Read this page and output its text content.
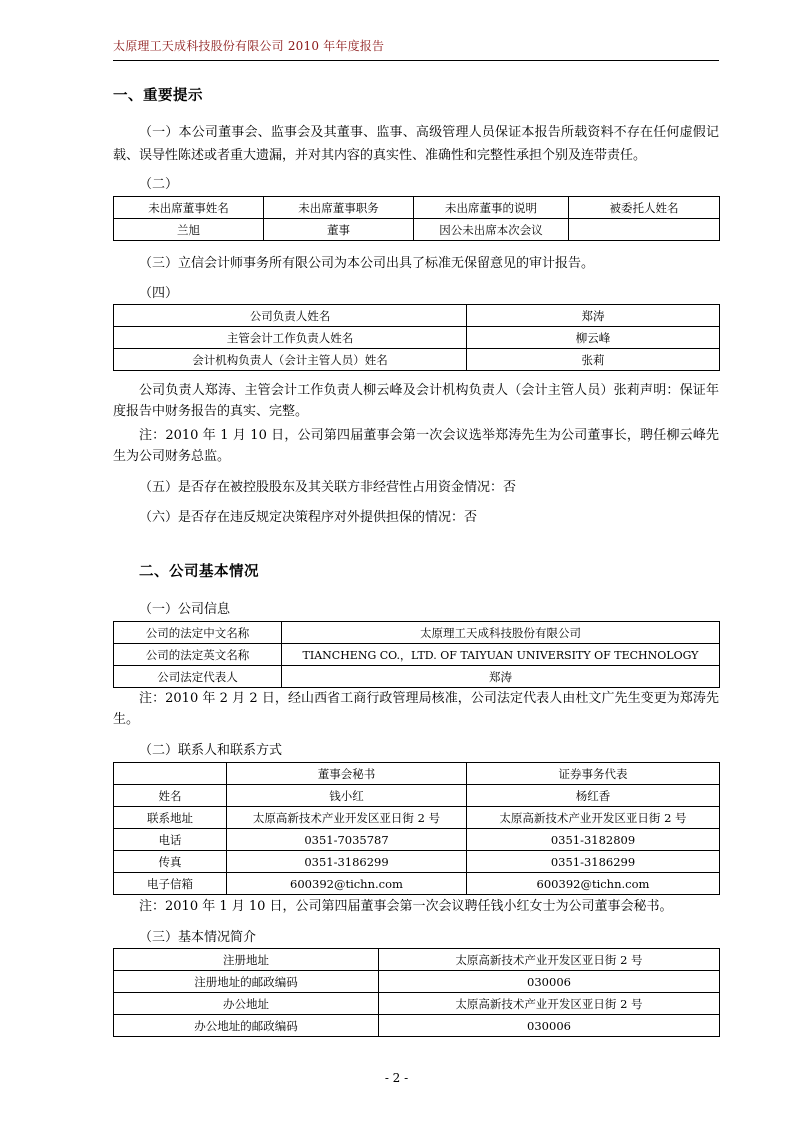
太原理工天成科技股份有限公司 2010 年年度报告
一、重要提示
（一）本公司董事会、监事会及其董事、监事、高级管理人员保证本报告所载资料不存在任何虚假记载、误导性陈述或者重大遗漏，并对其内容的真实性、准确性和完整性承担个别及连带责任。
（二）
未出席董事姓名	未出席董事职务	未出席董事的说明	被委托人姓名
兰旭	董事	因公未出席本次会议	
（三）立信会计师事务所有限公司为本公司出具了标准无保留意见的审计报告。
（四）
公司负责人姓名	郑涛
主管会计工作负责人姓名	柳云峰
会计机构负责人（会计主管人员）姓名	张莉
公司负责人郑涛、主管会计工作负责人柳云峰及会计机构负责人（会计主管人员）张莉声明：保证年度报告中财务报告的真实、完整。
注：2010 年 1 月 10 日，公司第四届董事会第一次会议选举郑涛先生为公司董事长，聘任柳云峰先生为公司财务总监。
（五）是否存在被控股股东及其关联方非经营性占用资金情况：否
（六）是否存在违反规定决策程序对外提供担保的情况：否
二、公司基本情况
（一）公司信息
公司的法定中文名称	太原理工天成科技股份有限公司
公司的法定英文名称	TIANCHENG CO.，LTD. OF TAIYUAN UNIVERSITY OF TECHNOLOGY
公司法定代表人	郑涛
注：2010 年 2 月 2 日，经山西省工商行政管理局核准，公司法定代表人由杜文广先生变更为郑涛先生。
（二）联系人和联系方式
	董事会秘书	证券事务代表
姓名	钱小红	杨红香
联系地址	太原高新技术产业开发区亚日街 2 号	太原高新技术产业开发区亚日街 2 号
电话	0351-7035787	0351-3182809
传真	0351-3186299	0351-3186299
电子信箱	600392@tichn.com	600392@tichn.com
注：2010 年 1 月 10 日，公司第四届董事会第一次会议聘任钱小红女士为公司董事会秘书。
（三）基本情况简介
注册地址	太原高新技术产业开发区亚日街 2 号
注册地址的邮政编码	030006
办公地址	太原高新技术产业开发区亚日街 2 号
办公地址的邮政编码	030006
- 2 -
